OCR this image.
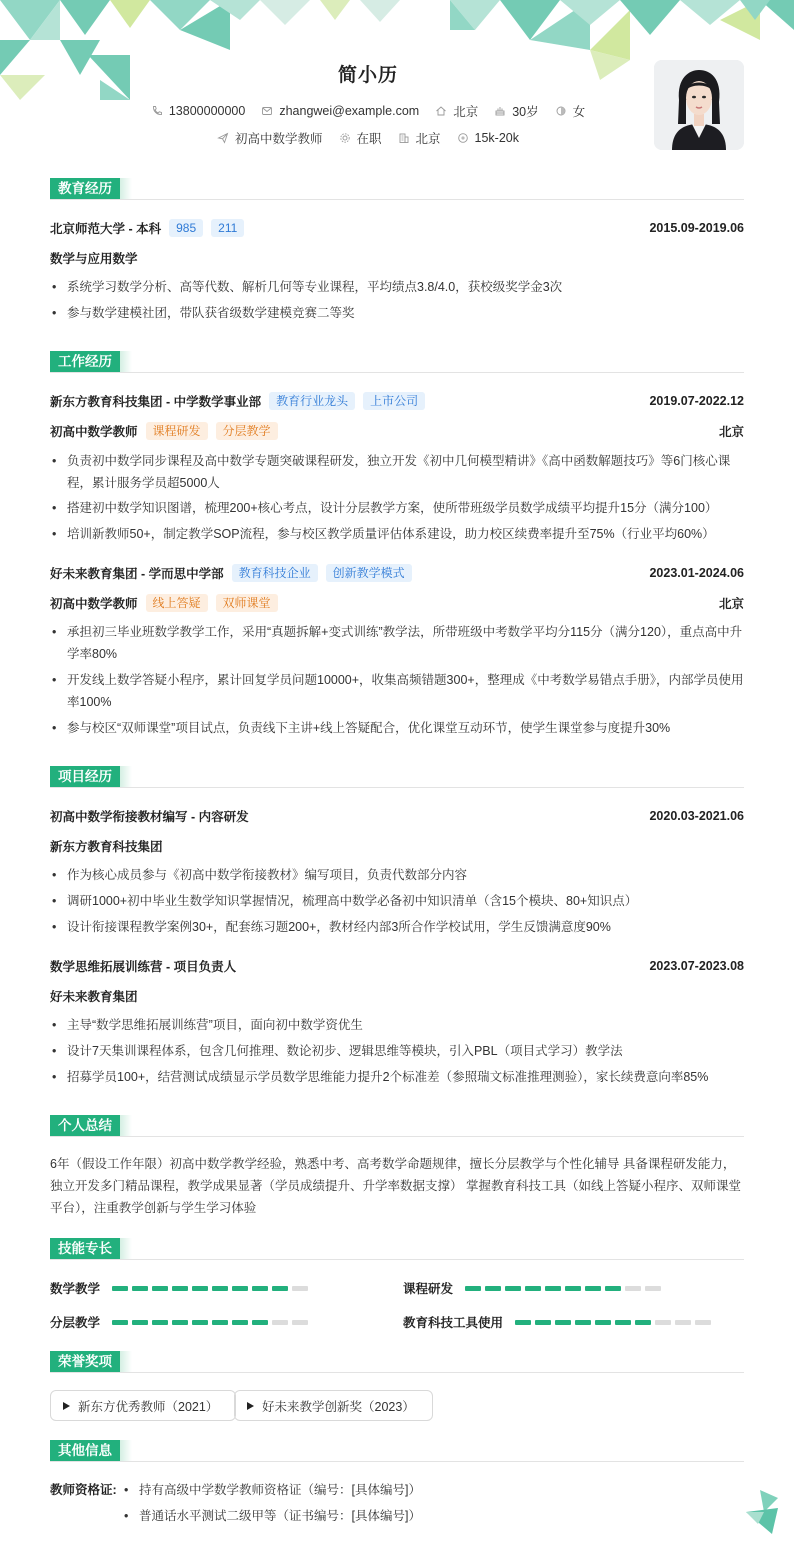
简小历
13800000000	zhangwei@example.com	北京	30岁	女
初高中数学教师	在职	北京	15k-20k
教育经历
北京师范大学 - 本科	985	211	2015.09-2019.06
数学与应用数学
• 系统学习数学分析、高等代数、解析几何等专业课程，平均绩点3.8/4.0，获校级奖学金3次
• 参与数学建模社团，带队获省级数学建模竞赛二等奖
工作经历
新东方教育科技集团 - 中学数学事业部	教育行业龙头	上市公司	2019.07-2022.12
初高中数学教师	课程研发	分层教学	北京
• 负责初中数学同步课程及高中数学专题突破课程研发，独立开发《初中几何模型精讲》《高中函数解题技巧》等6门核心课程，累计服务学员超5000人
• 搭建初中数学知识图谱，梳理200+核心考点，设计分层教学方案，使所带班级学员数学成绩平均提升15分（满分100）
• 培训新教师50+，制定教学SOP流程，参与校区教学质量评估体系建设，助力校区续费率提升至75%（行业平均60%）
好未来教育集团 - 学而思中学部	教育科技企业	创新教学模式	2023.01-2024.06
初高中数学教师	线上答疑	双师课堂	北京
• 承担初三毕业班数学教学工作，采用“真题拆解+变式训练”教学法，所带班级中考数学平均分115分（满分120），重点高中升学率80%
• 开发线上数学答疑小程序，累计回复学员问题10000+，收集高频错题300+，整理成《中考数学易错点手册》，内部学员使用率100%
• 参与校区“双师课堂”项目试点，负责线下主讲+线上答疑配合，优化课堂互动环节，使学生课堂参与度提升30%
项目经历
初高中数学衔接教材编写 - 内容研发	2020.03-2021.06
新东方教育科技集团
• 作为核心成员参与《初高中数学衔接教材》编写项目，负责代数部分内容
• 调研1000+初中毕业生数学知识掌握情况，梳理高中数学必备初中知识清单（含15个模块、80+知识点）
• 设计衔接课程教学案例30+，配套练习题200+，教材经内部3所合作学校试用，学生反馈满意度90%
数学思维拓展训练营 - 项目负责人	2023.07-2023.08
好未来教育集团
• 主导“数学思维拓展训练营”项目，面向初中数学资优生
• 设计7天集训课程体系，包含几何推理、数论初步、逻辑思维等模块，引入PBL（项目式学习）教学法
• 招募学员100+，结营测试成绩显示学员数学思维能力提升2个标准差（参照瑞文标准推理测验），家长续费意向率85%
个人总结
6年（假设工作年限）初高中数学教学经验，熟悉中考、高考数学命题规律，擅长分层教学与个性化辅导 具备课程研发能力，独立开发多门精品课程，教学成果显著（学员成绩提升、升学率数据支撑） 掌握教育科技工具（如线上答疑小程序、双师课堂平台），注重教学创新与学生学习体验
技能专长
数学教学	课程研发
分层教学	教育科技工具使用
荣誉奖项
新东方优秀教师（2021）	好未来教学创新奖（2023）
其他信息
教师资格证:
•	持有高级中学数学教师资格证（编号：[具体编号]）
• 普通话水平测试二级甲等（证书编号：[具体编号]）
